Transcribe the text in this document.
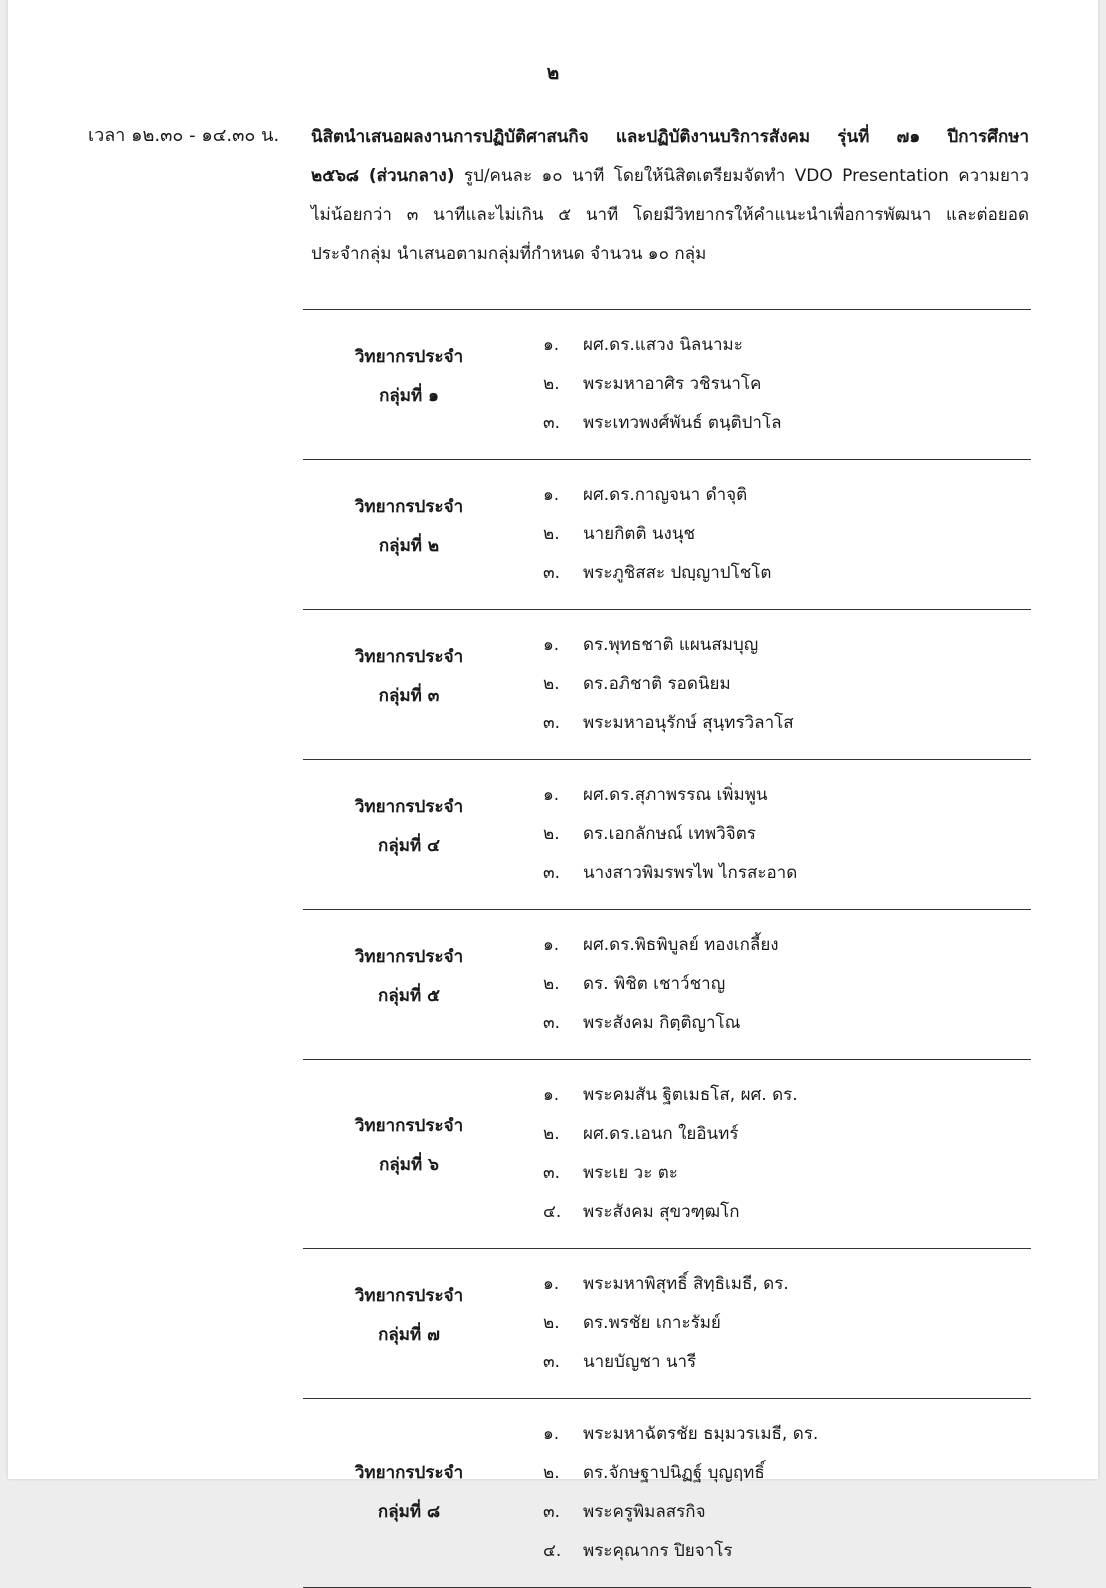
๒
เวลา ๑๒.๓๐ - ๑๔.๓๐ น. นิสิตนำเสนอผลงานการปฏิบัติศาสนกิจ และปฏิบัติงานบริการสังคม รุ่นที่ ๗๑ ปีการศึกษา
๒๕๖๘ (ส่วนกลาง) รูป/คนละ ๑๐ นาที โดยให้นิสิตเตรียมจัดทำ VDO Presentation ความยาว
ไม่น้อยกว่า ๓ นาทีและไม่เกิน ๕ นาที โดยมีวิทยากรให้คำแนะนำเพื่อการพัฒนา และต่อยอด
ประจำกลุ่ม นำเสนอตามกลุ่มที่กำหนด จำนวน ๑๐ กลุ่ม
วิทยากรประจำ
กลุ่มที่ ๑
๑. ผศ.ดร.แสวง นิลนามะ
๒. พระมหาอาศิร วชิรนาโค
๓. พระเทวพงศ์พันธ์ ตนฺติปาโล
วิทยากรประจำ
กลุ่มที่ ๒
๑. ผศ.ดร.กาญจนา ดำจุติ
๒. นายกิตติ นงนุช
๓. พระภูชิสสะ ปญฺญาปโชโต
วิทยากรประจำ
กลุ่มที่ ๓
๑. ดร.พุทธชาติ แผนสมบุญ
๒. ดร.อภิชาติ รอดนิยม
๓. พระมหาอนุรักษ์ สุนฺทรวิลาโส
วิทยากรประจำ
กลุ่มที่ ๔
๑. ผศ.ดร.สุภาพรรณ เพิ่มพูน
๒. ดร.เอกลักษณ์ เทพวิจิตร
๓. นางสาวพิมรพรไพ ไกรสะอาด
วิทยากรประจำ
กลุ่มที่ ๕
๑. ผศ.ดร.พิธพิบูลย์ ทองเกลี้ยง
๒. ดร. พิชิต เชาว์ชาญ
๓. พระสังคม กิตฺติญาโณ
วิทยากรประจำ
กลุ่มที่ ๖
๑. พระคมสัน ฐิตเมธโส, ผศ. ดร.
๒. ผศ.ดร.เอนก ใยอินทร์
๓. พระเย วะ ตะ
๔. พระสังคม สุขวฑฺฒโก
วิทยากรประจำ
กลุ่มที่ ๗
๑. พระมหาพิสุทธิ์ สิทฺธิเมธี, ดร.
๒. ดร.พรชัย เกาะรัมย์
๓. นายบัญชา นารี
วิทยากรประจำ
กลุ่มที่ ๘
๑. พระมหาฉัตรชัย ธมฺมวรเมธี, ดร.
๒. ดร.จักษฐาปนิฏฐ์ บุญฤทธิ์
๓. พระครูพิมลสรกิจ
๔. พระคุณากร ปิยจาโร
